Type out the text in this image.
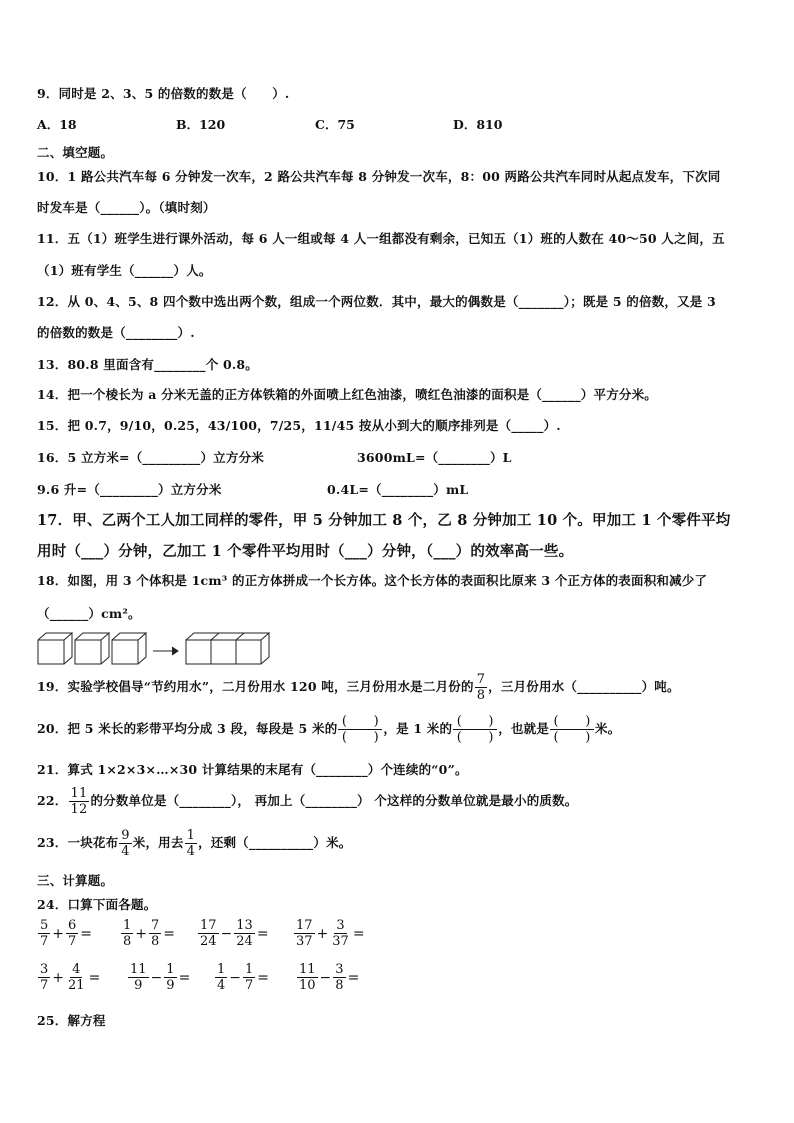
9．同时是 2、3、5 的倍数的数是（　　）.
A．18	B．120	C．75	D．810
二、填空题。
10．1 路公共汽车每 6 分钟发一次车，2 路公共汽车每 8 分钟发一次车，8：00 两路公共汽车同时从起点发车，下次同
时发车是（______）。（填时刻）
11．五（1）班学生进行课外活动，每 6 人一组或每 4 人一组都没有剩余，已知五（1）班的人数在 40～50 人之间，五
（1）班有学生（______）人。
12．从 0、4、5、8 四个数中选出两个数，组成一个两位数．其中，最大的偶数是（_______）；既是 5 的倍数，又是 3
的倍数的数是（________）.
13．80.8 里面含有________个 0.8。
14．把一个棱长为 a 分米无盖的正方体铁箱的外面喷上红色油漆，喷红色油漆的面积是（______）平方分米。
15．把 0.7，9/10，0.25，43/100，7/25，11/45 按从小到大的顺序排列是（_____）.
16．5 立方米=（_________）立方分米	3600mL=（________）L
9.6 升=（_________）立方分米	0.4L=（________）mL
17．甲、乙两个工人加工同样的零件，甲 5 分钟加工 8 个，乙 8 分钟加工 10 个。甲加工 1 个零件平均
用时（___）分钟，乙加工 1 个零件平均用时（___）分钟，（___）的效率高一些。
18．如图，用 3 个体积是 1cm³ 的正方体拼成一个长方体。这个长方体的表面积比原来 3 个正方体的表面积和减少了
（______）cm²。
19．实验学校倡导“节约用水”，二月份用水 120 吨，三月份用水是二月份的 $\frac{7}{8}$ ，三月份用水（__________）吨。
20．把 5 米长的彩带平均分成 3 段，每段是 5 米的 $\frac{( )}{( )}$ ，是 1 米的 $\frac{( )}{( )}$ ，也就是 $\frac{( )}{( )}$ 米。
21．算式 1×2×3×…×30 计算结果的末尾有（________）个连续的“0”。
22． $\frac{11}{12}$ 的分数单位是（________）， 再加上（________） 个这样的分数单位就是最小的质数。
23．一块花布 $\frac{9}{4}$ 米，用去 $\frac{1}{4}$ ，还剩（__________）米。
三、计算题。
24．口算下面各题。
$\frac{5}{7} + \frac{6}{7} = \frac{1}{8} + \frac{7}{8} = \frac{17}{24} - \frac{13}{24} = \frac{17}{37} + \frac{3}{37}$ =
$\frac{3}{7} + \frac{4}{21} = \frac{11}{9} - \frac{1}{9} = \frac{1}{4} - \frac{1}{7} = \frac{11}{10} - \frac{3}{8}$ =
25．解方程
